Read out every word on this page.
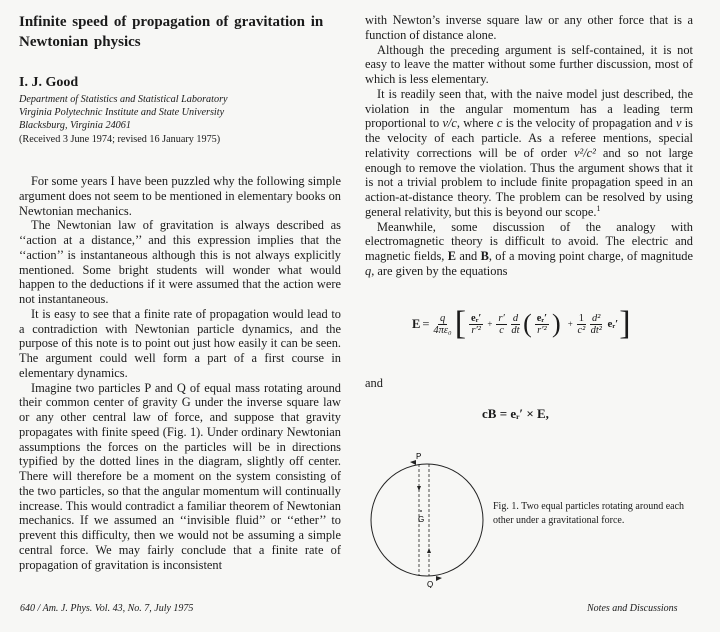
Infinite speed of propagation of gravitation in Newtonian physics
I. J. Good
Department of Statistics and Statistical Laboratory
Virginia Polytechnic Institute and State University
Blacksburg, Virginia 24061
(Received 3 June 1974; revised 16 January 1975)

For some years I have been puzzled why the following simple argument does not seem to be mentioned in elementary books on Newtonian mechanics.

The Newtonian law of gravitation is always described as ‘‘action at a distance,’’ and this expression implies that the ‘‘action’’ is instantaneous although this is not always explicitly mentioned. Some bright students will wonder what would happen to the deductions if it were assumed that the action were not instantaneous.

It is easy to see that a finite rate of propagation would lead to a contradiction with Newtonian particle dynamics, and the purpose of this note is to point out just how easily it can be seen. The argument could well form a part of a first course in elementary dynamics.

Imagine two particles P and Q of equal mass rotating around their common center of gravity G under the inverse square law or any other central law of force, and suppose that gravity propagates with finite speed (Fig. 1). Under ordinary Newtonian assumptions the forces on the particles will be in directions typified by the dotted lines in the diagram, slightly off center. There will therefore be a moment on the system consisting of the two particles, so that the angular momentum will continually increase. This would contradict a familiar theorem of Newtonian mechanics. If we assumed an ‘‘invisible fluid’’ or ‘‘ether’’ to prevent this difficulty, then we would not be assuming a simple central force. We may fairly conclude that a finite rate of propagation of gravitation is inconsistent

with Newton’s inverse square law or any other force that is a function of distance alone.

Although the preceding argument is self-contained, it is not easy to leave the matter without some further discussion, most of which is less elementary.

It is readily seen that, with the naive model just described, the violation in the angular momentum has a leading term proportional to v/c, where c is the velocity of propagation and v is the velocity of each particle. As a referee mentions, special relativity corrections will be of order v²/c² and so not large enough to remove the violation. Thus the argument shows that it is not a trivial problem to include finite propagation speed in an action-at-distance theory. The problem can be resolved by using general relativity, but this is beyond our scope.$^1$

Meanwhile, some discussion of the analogy with electromagnetic theory is difficult to avoid. The electric and magnetic fields, E and B, of a moving point charge, of magnitude q, are given by the equations

$E = \frac{q}{\text{4πε₀}}$ [ $\frac{\text{eᵣ′}}{\text{r′²}} + \frac{r'}{c} \frac{d}{dt}$ ( $\frac{\text{eᵣ′}}{\text{r′²}}$ ) + $\frac{1}{\text{c²}} \frac{\text{d²}}{\text{dt²}}$ eᵣ′ ]
and
cB = eᵣ′ × E,
P
G
Q
Fig. 1. Two equal particles rotating around each other under a gravitational force.
640 / Am. J. Phys. Vol. 43, No. 7, July 1975	Notes and Discussions
